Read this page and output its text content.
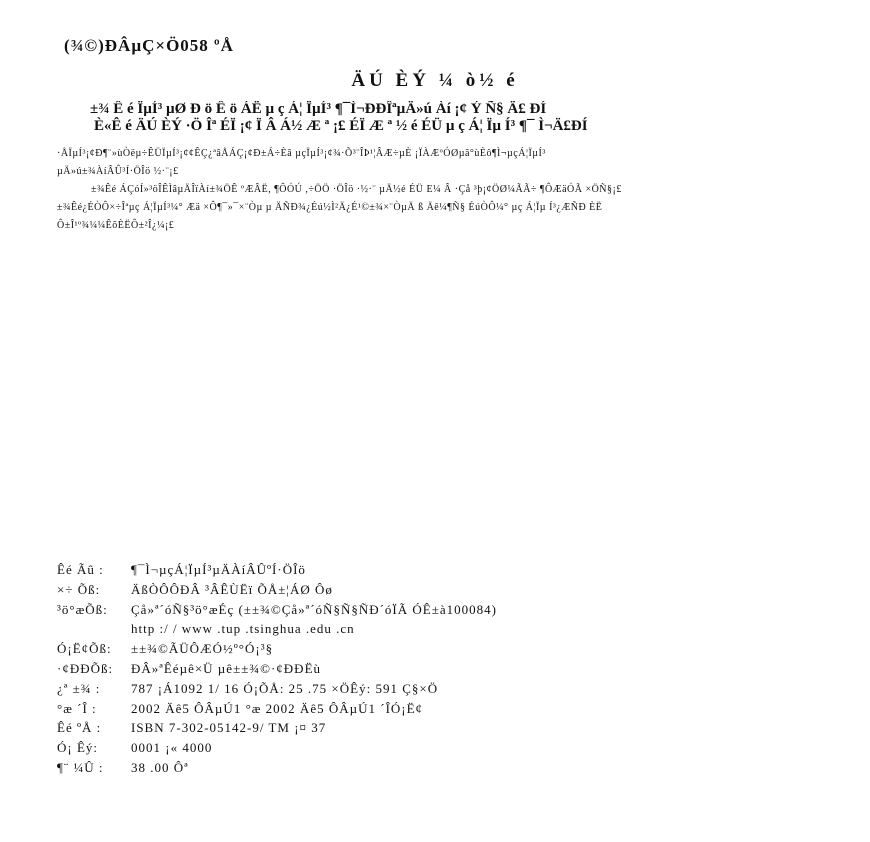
(¾©)ÐÂµÇ×Ö058 ºÅ
ÄÚ ÈÝ ¼ ò½ é
±¾ Ê é ÏµÍ³ µØ Ð ö Ê ö ÁË µ ç Á¦ ÏµÍ³ ¶¯Ì¬ÐÐÎªµÄ»ú Àí ¡¢ Ý Ñ§ Ä£ ÐÍ
È«Ê é ÄÚ ÈÝ ·Ö Îª ÉÏ ¡¢ Ï Â Á½ Æ ª ¡£ ÉÏ Æ ª ½ é ÉÜ µ ç Á¦ Ïµ Í³ ¶¯ Ì¬Ä£ÐÍ
·ÅÏµÍ³¡¢Ð¶¨»ùÒëµ÷ÊÜÏµÍ³¡¢¢ÊÇ¿ªâÅÁÇ¡¢Ð±Á÷Èâ µçÏµÍ³¡¢¾·Õ³¨ÎÞ¹¦ÂÆ÷µÈ ¡ÏÀÆºÓØµã°ùÈô¶Ì¬µçÁ¦ÏµÍ³
µÄ»ú±¾ÀíÂÛ³Í·ÖÎö ½·¨¡£
±¾Êé ÁÇóÍ»³öÎÊÌâµÄÎïÀí±¾ÖÊ ºÆÂË, ¶ÔÓÚ ,÷ÖÖ ·ÖÎö ·½·¨ µÄ½é ÉÜ E¼ Â ·Çå ³þ¡¢ÖØ¼ÃÃ÷ ¶ÔÆäÓÃ ×ÖÑ§¡£
±¾Êé¿ÉÒÔ×÷Îªµç Á¦ÏµÍ³¼° Æä ×Ô¶¯»¯×¨Òµ µ ÄÑÐ¾¿Éú½Ì²Ä¿É¹©±¾×¨ÒµÄ ß Äê¼¶Ñ§ ÉúÒÔ¼° µç Á¦Ïµ Í³¿ÆÑÐ ÈË
Ô±Î¹º¾¼¼ÊõÈËÔ±²Î¿¼¡£
Êé Ãû :	¶¯Ì¬µçÁ¦ÏµÍ³µÄÀíÂÛºÍ·ÖÎö
×÷ Õß:	ÄßÒÔÔÐÂ ³ÂÊÙËï ÕÅ±¦ÁØ Ôø
³ö°æÕß:	Çå»ª´óÑ§³ö°æÉç (±±¾©Çå»ª´óÑ§Ñ§ÑÐ´óÏÃ ÓÊ±à100084)
http :/ / www .tup .tsinghua .edu .cn
Ó¡Ë¢Õß:	±±¾©ÃÜÔÆÓ½º°Ó¡³§
·¢ÐÐÕß:	ÐÂ»ªÊéµê×Ü µê±±¾©·¢ÐÐËù
¿ª ±¾ :	787 ¡Á1092 1/ 16 Ó¡ÕÅ: 25 .75 ×ÖÊý: 591 Ç§×Ö
°æ ´Î :	2002 Äê5 ÔÂµÚ1 °æ 2002 Äê5 ÔÂµÚ1 ´ÎÓ¡Ë¢
Êé ºÅ :	ISBN 7-302-05142-9/ TM ¡¤ 37
Ó¡ Êý:	0001 ¡« 4000
¶¨ ¼Û :	38 .00 Ôª
